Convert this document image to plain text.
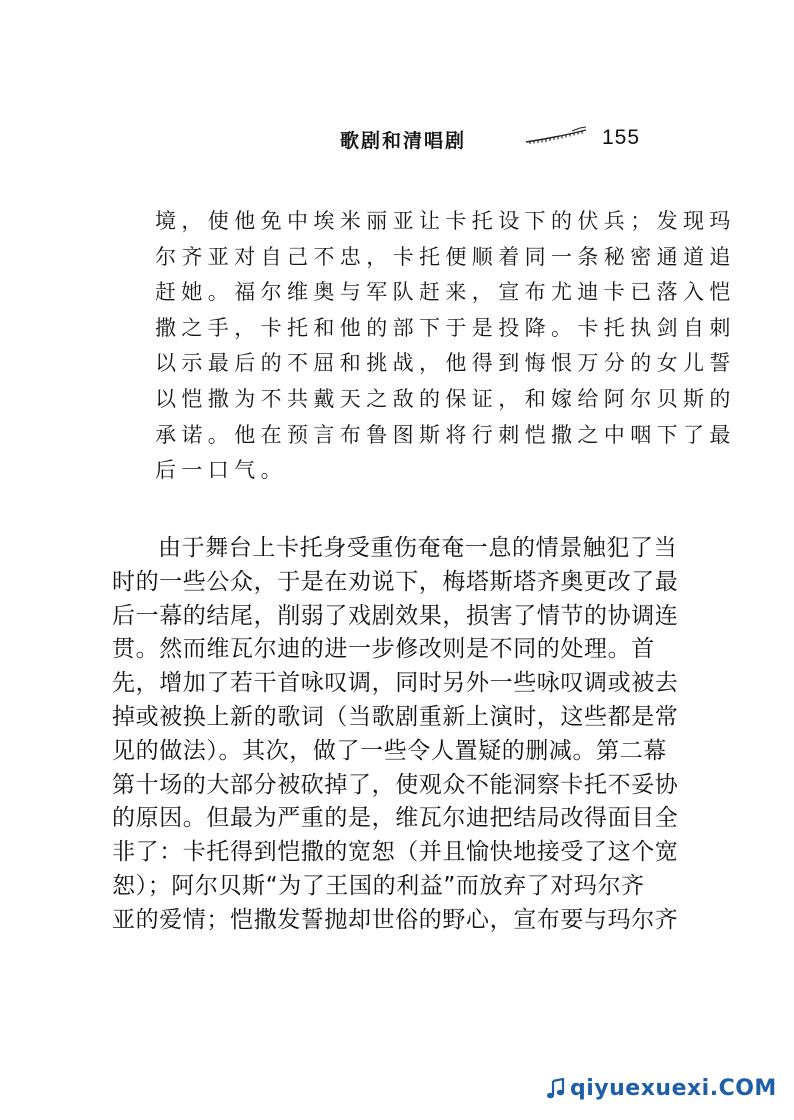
歌剧和清唱剧	155
境，使他免中埃米丽亚让卡托设下的伏兵；发现玛
尔齐亚对自己不忠，卡托便顺着同一条秘密通道追
赶她。福尔维奥与军队赶来，宣布尤迪卡已落入恺
撒之手，卡托和他的部下于是投降。卡托执剑自刺
以示最后的不屈和挑战，他得到悔恨万分的女儿誓
以恺撒为不共戴天之敌的保证，和嫁给阿尔贝斯的
承诺。他在预言布鲁图斯将行刺恺撒之中咽下了最
后一口气。
由于舞台上卡托身受重伤奄奄一息的情景触犯了当
时的一些公众，于是在劝说下，梅塔斯塔齐奥更改了最
后一幕的结尾，削弱了戏剧效果，损害了情节的协调连
贯。然而维瓦尔迪的进一步修改则是不同的处理。首
先，增加了若干首咏叹调，同时另外一些咏叹调或被去
掉或被换上新的歌词（当歌剧重新上演时，这些都是常
见的做法）。其次，做了一些令人置疑的删减。第二幕
第十场的大部分被砍掉了，使观众不能洞察卡托不妥协
的原因。但最为严重的是，维瓦尔迪把结局改得面目全
非了：卡托得到恺撒的宽恕（并且愉快地接受了这个宽
恕）；阿尔贝斯“为了王国的利益”而放弃了对玛尔齐
亚的爱情；恺撒发誓抛却世俗的野心，宣布要与玛尔齐
qiyuexuexi.COM
